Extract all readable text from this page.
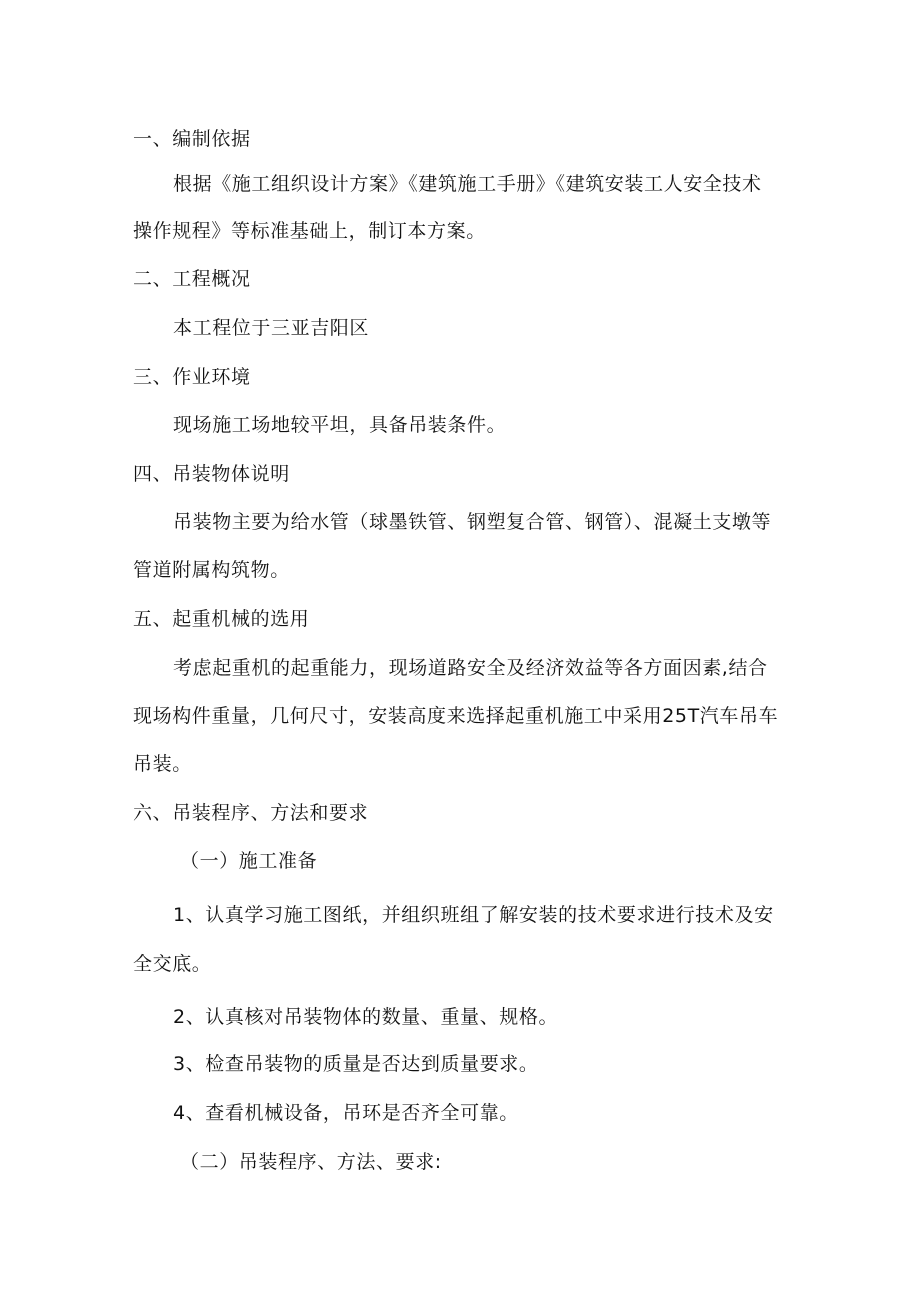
一、编制依据
根据《施工组织设计方案》《建筑施工手册》《建筑安装工人安全技术
操作规程》等标准基础上，制订本方案。
二、工程概况
本工程位于三亚吉阳区
三、作业环境
现场施工场地较平坦，具备吊装条件。
四、吊装物体说明
吊装物主要为给水管（球墨铁管、钢塑复合管、钢管）、混凝土支墩等
管道附属构筑物。
五、起重机械的选用
考虑起重机的起重能力，现场道路安全及经济效益等各方面因素,结合
现场构件重量，几何尺寸，安装高度来选择起重机施工中采用25T汽车吊车
吊装。
六、吊装程序、方法和要求
（一）施工准备
1、认真学习施工图纸，并组织班组了解安装的技术要求进行技术及安
全交底。
2、认真核对吊装物体的数量、重量、规格。
3、检查吊装物的质量是否达到质量要求。
4、查看机械设备，吊环是否齐全可靠。
（二）吊装程序、方法、要求:
